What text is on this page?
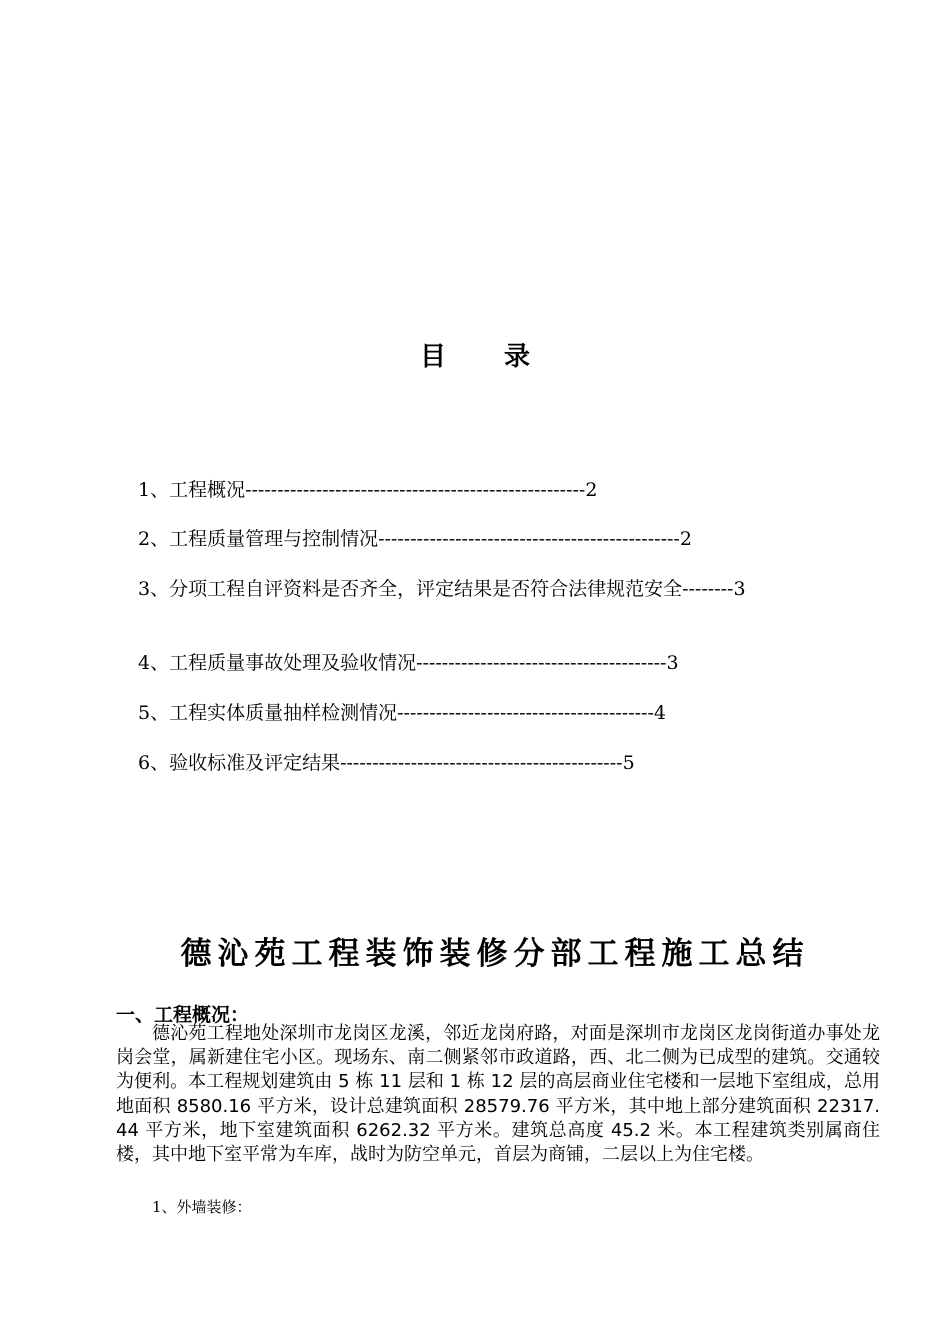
目录
1、工程概况-----------------------------------------------------2
2、工程质量管理与控制情况-----------------------------------------------2
3、分项工程自评资料是否齐全，评定结果是否符合法律规范安全--------3
4、工程质量事故处理及验收情况---------------------------------------3
5、工程实体质量抽样检测情况----------------------------------------4
6、验收标准及评定结果--------------------------------------------5
德沁苑工程装饰装修分部工程施工总结
一、工程概况：
德沁苑工程地处深圳市龙岗区龙溪，邻近龙岗府路，对面是深圳市龙岗区龙岗街道办事处龙岗会堂，属新建住宅小区。现场东、南二侧紧邻市政道路，西、北二侧为已成型的建筑。交通较为便利。本工程规划建筑由 5 栋 11 层和 1 栋 12 层的高层商业住宅楼和一层地下室组成，总用地面积 8580.16 平方米，设计总建筑面积 28579.76 平方米，其中地上部分建筑面积 22317.44 平方米，地下室建筑面积 6262.32 平方米。建筑总高度 45.2 米。本工程建筑类别属商住楼，其中地下室平常为车库，战时为防空单元，首层为商铺，二层以上为住宅楼。
1、外墙装修：
